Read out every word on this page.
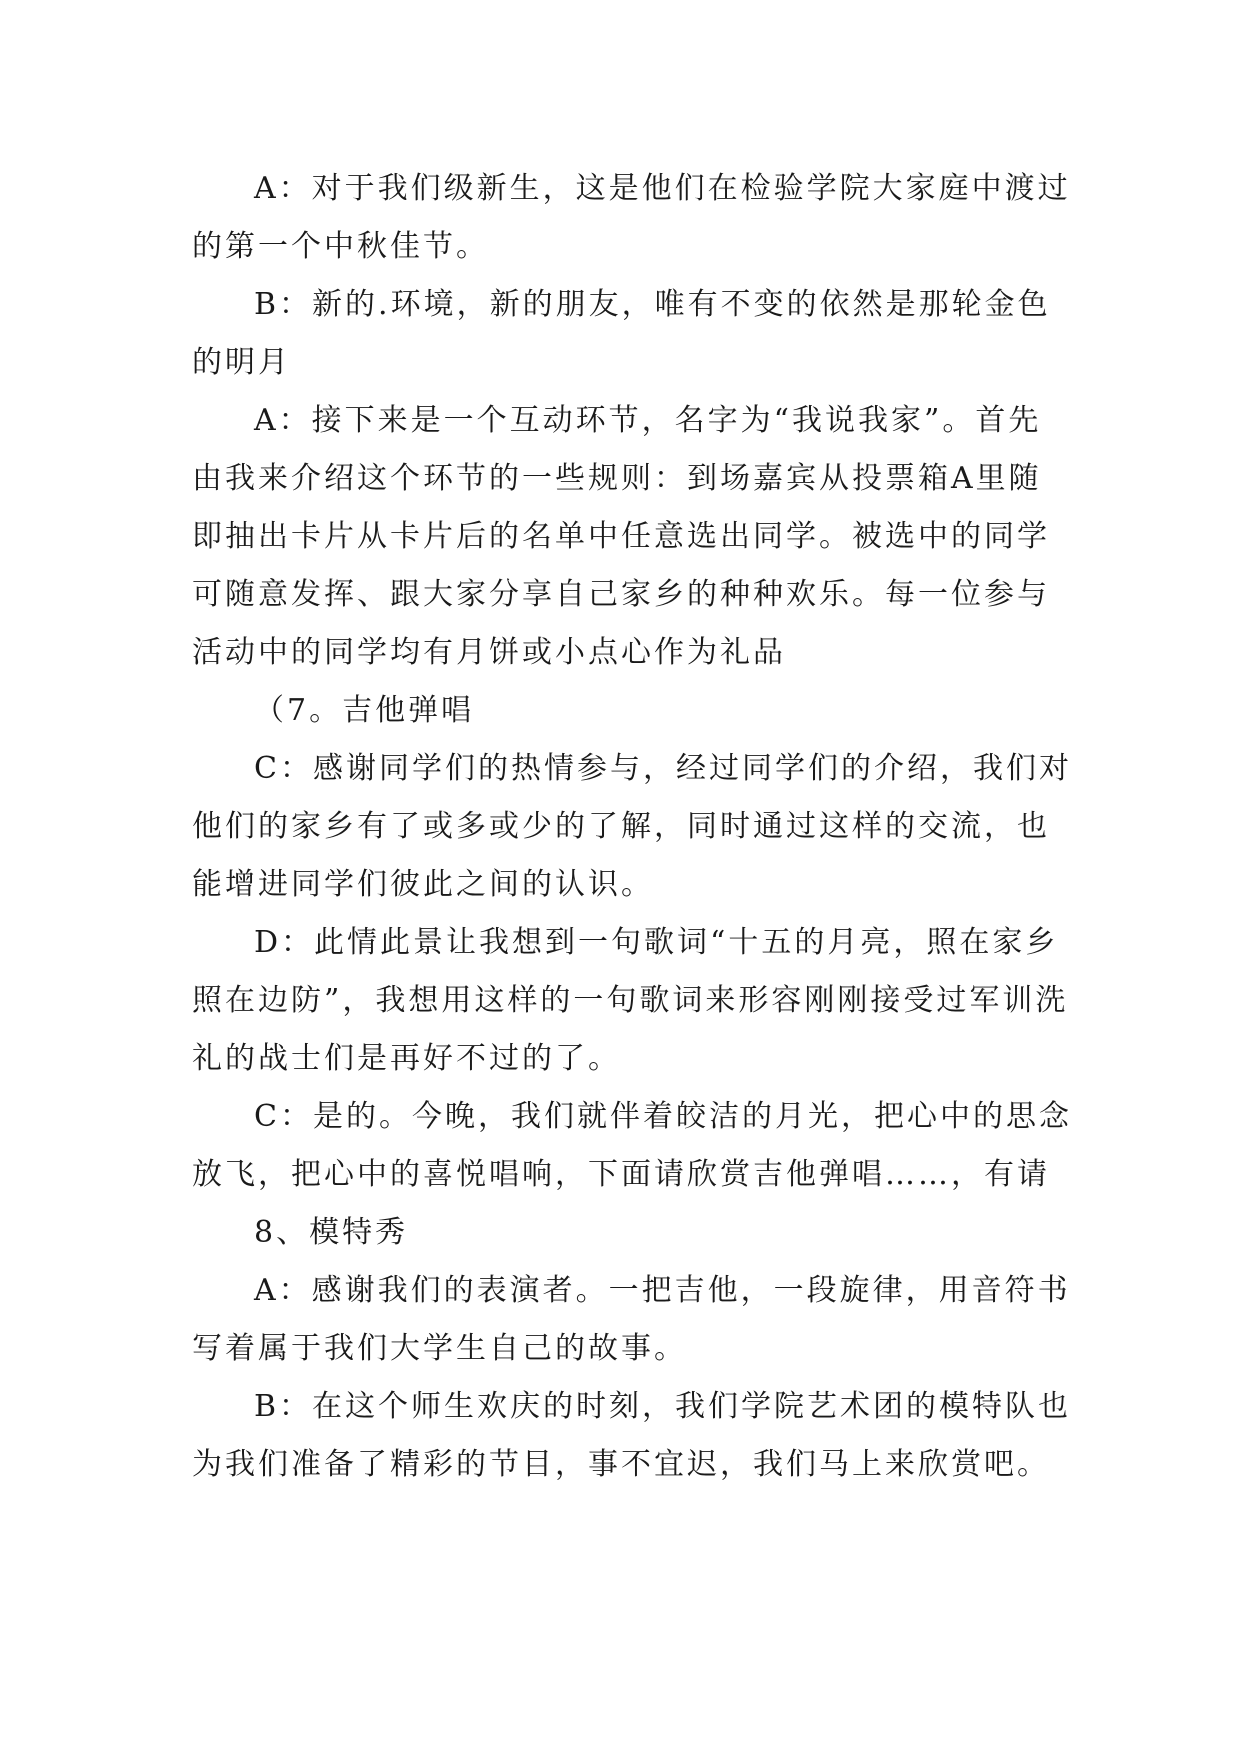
A：对于我们级新生，这是他们在检验学院大家庭中渡过的第一个中秋佳节。

B：新的.环境，新的朋友，唯有不变的依然是那轮金色的明月

A：接下来是一个互动环节，名字为“我说我家”。首先由我来介绍这个环节的一些规则：到场嘉宾从投票箱A里随即抽出卡片从卡片后的名单中任意选出同学。被选中的同学可随意发挥、跟大家分享自己家乡的种种欢乐。每一位参与活动中的同学均有月饼或小点心作为礼品

（7。吉他弹唱

C：感谢同学们的热情参与，经过同学们的介绍，我们对他们的家乡有了或多或少的了解，同时通过这样的交流，也能增进同学们彼此之间的认识。

D：此情此景让我想到一句歌词“十五的月亮，照在家乡照在边防”，我想用这样的一句歌词来形容刚刚接受过军训洗礼的战士们是再好不过的了。

C：是的。今晚，我们就伴着皎洁的月光，把心中的思念放飞，把心中的喜悦唱响，下面请欣赏吉他弹唱……，有请

8、模特秀

A：感谢我们的表演者。一把吉他，一段旋律，用音符书写着属于我们大学生自己的故事。

B：在这个师生欢庆的时刻，我们学院艺术团的模特队也为我们准备了精彩的节目，事不宜迟，我们马上来欣赏吧。
